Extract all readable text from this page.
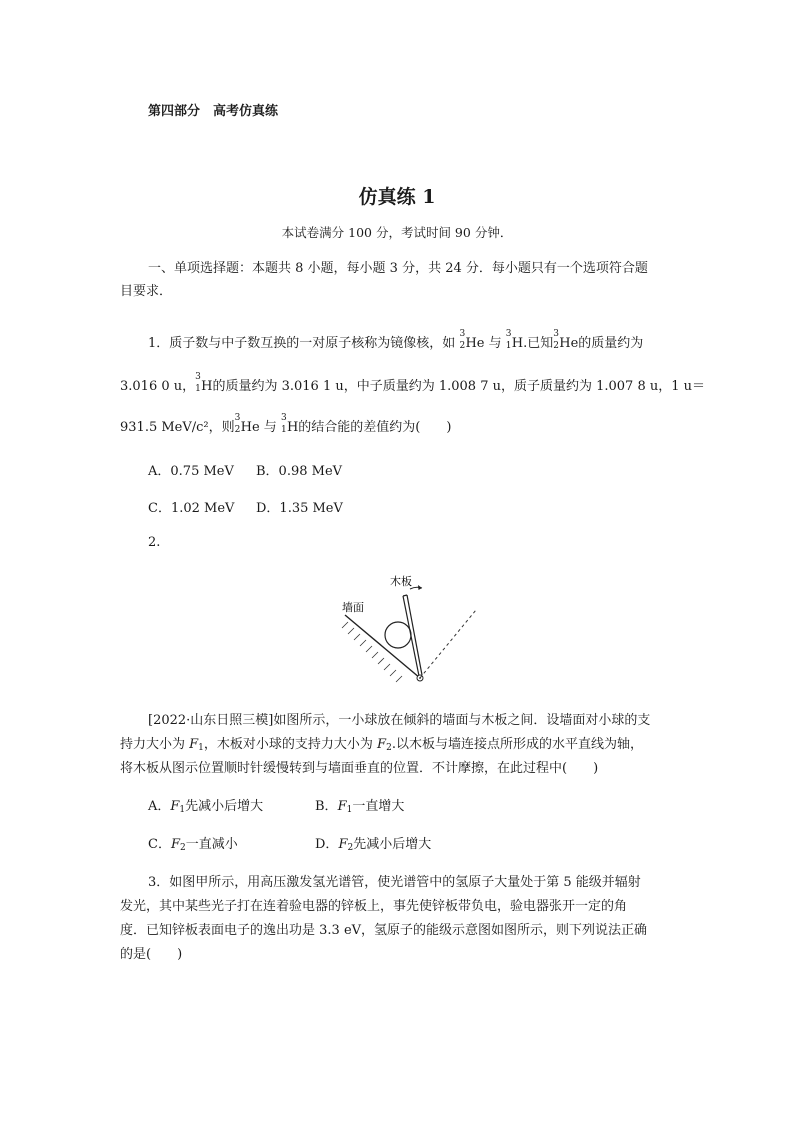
第四部分　高考仿真练
仿真练 1
本试卷满分 100 分，考试时间 90 分钟．
一、单项选择题：本题共 8 小题，每小题 3 分，共 24 分．每小题只有一个选项符合题
目要求．
1．质子数与中子数互换的一对原子核称为镜像核，如
3
2 He 与
3
1 H.已知
3
2 He的质量约为
3.016 0 u，
3
1 H的质量约为 3.016 1 u，中子质量约为 1.008 7 u，质子质量约为 1.007 8 u，1 u＝
931.5 MeV/c²，则
3
2 He 与
3
1 H的结合能的差值约为(　　)
A．0.75 MeV B．0.98 MeV
C．1.02 MeV D．1.35 MeV
2.
墙面
木板
[2022·山东日照三模]如图所示，一小球放在倾斜的墙面与木板之间．设墙面对小球的支
持力大小为 $F_1$，木板对小球的支持力大小为 $F_2$.以木板与墙连接点所形成的水平直线为轴，
将木板从图示位置顺时针缓慢转到与墙面垂直的位置．不计摩擦，在此过程中(　　)
A．$F_1$先减小后增大	B．$F_1$一直增大
C．$F_2$一直减小	D．$F_2$先减小后增大
3．如图甲所示，用高压激发氢光谱管，使光谱管中的氢原子大量处于第 5 能级并辐射
发光，其中某些光子打在连着验电器的锌板上，事先使锌板带负电，验电器张开一定的角
度．已知锌板表面电子的逸出功是 3.3 eV，氢原子的能级示意图如图所示，则下列说法正确
的是(　　)
